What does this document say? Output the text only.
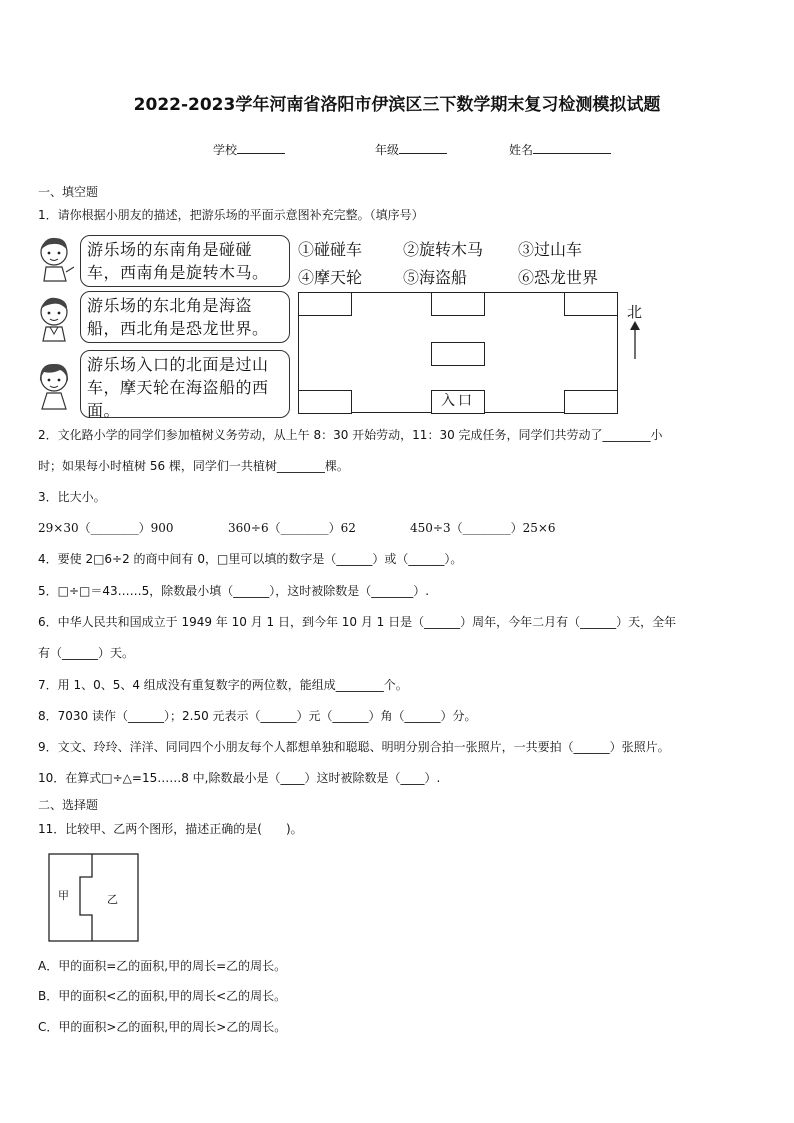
2022-2023学年河南省洛阳市伊滨区三下数学期末复习检测模拟试题
学校	年级	姓名
一、填空题
1．请你根据小朋友的描述，把游乐场的平面示意图补充完整。（填序号）
游乐场的东南角是碰碰车，西南角是旋转木马。
游乐场的东北角是海盗船，西北角是恐龙世界。
游乐场入口的北面是过山车，摩天轮在海盗船的西面。
①碰碰车	②旋转木马 ③过山车
④摩天轮	⑤海盗船	⑥恐龙世界
入口
北
2．文化路小学的同学们参加植树义务劳动，从上午 8：30 开始劳动，11：30 完成任务，同学们共劳动了________小
时；如果每小时植树 56 棵，同学们一共植树________棵。
3．比大小。
29×30（________）900	360÷6（________）62	450÷3（________）25×6
4．要使 2□6÷2 的商中间有 0，□里可以填的数字是（______）或（______）。
5．□÷□＝43……5，除数最小填（______），这时被除数是（_______）.
6．中华人民共和国成立于 1949 年 10 月 1 日，到今年 10 月 1 日是（______）周年，今年二月有（______）天，全年
有（______）天。
7．用 1、0、5、4 组成没有重复数字的两位数，能组成________个。
8．7030 读作（______）；2.50 元表示（______）元（______）角（______）分。
9．文文、玲玲、洋洋、同同四个小朋友每个人都想单独和聪聪、明明分别合拍一张照片，一共要拍（______）张照片。
10．在算式□÷△=15……8 中,除数最小是（____）这时被除数是（____）.
二、选择题
11．比较甲、乙两个图形，描述正确的是(　　)。
甲	乙
A．甲的面积=乙的面积,甲的周长=乙的周长。
B．甲的面积<乙的面积,甲的周长<乙的周长。
C．甲的面积>乙的面积,甲的周长>乙的周长。
